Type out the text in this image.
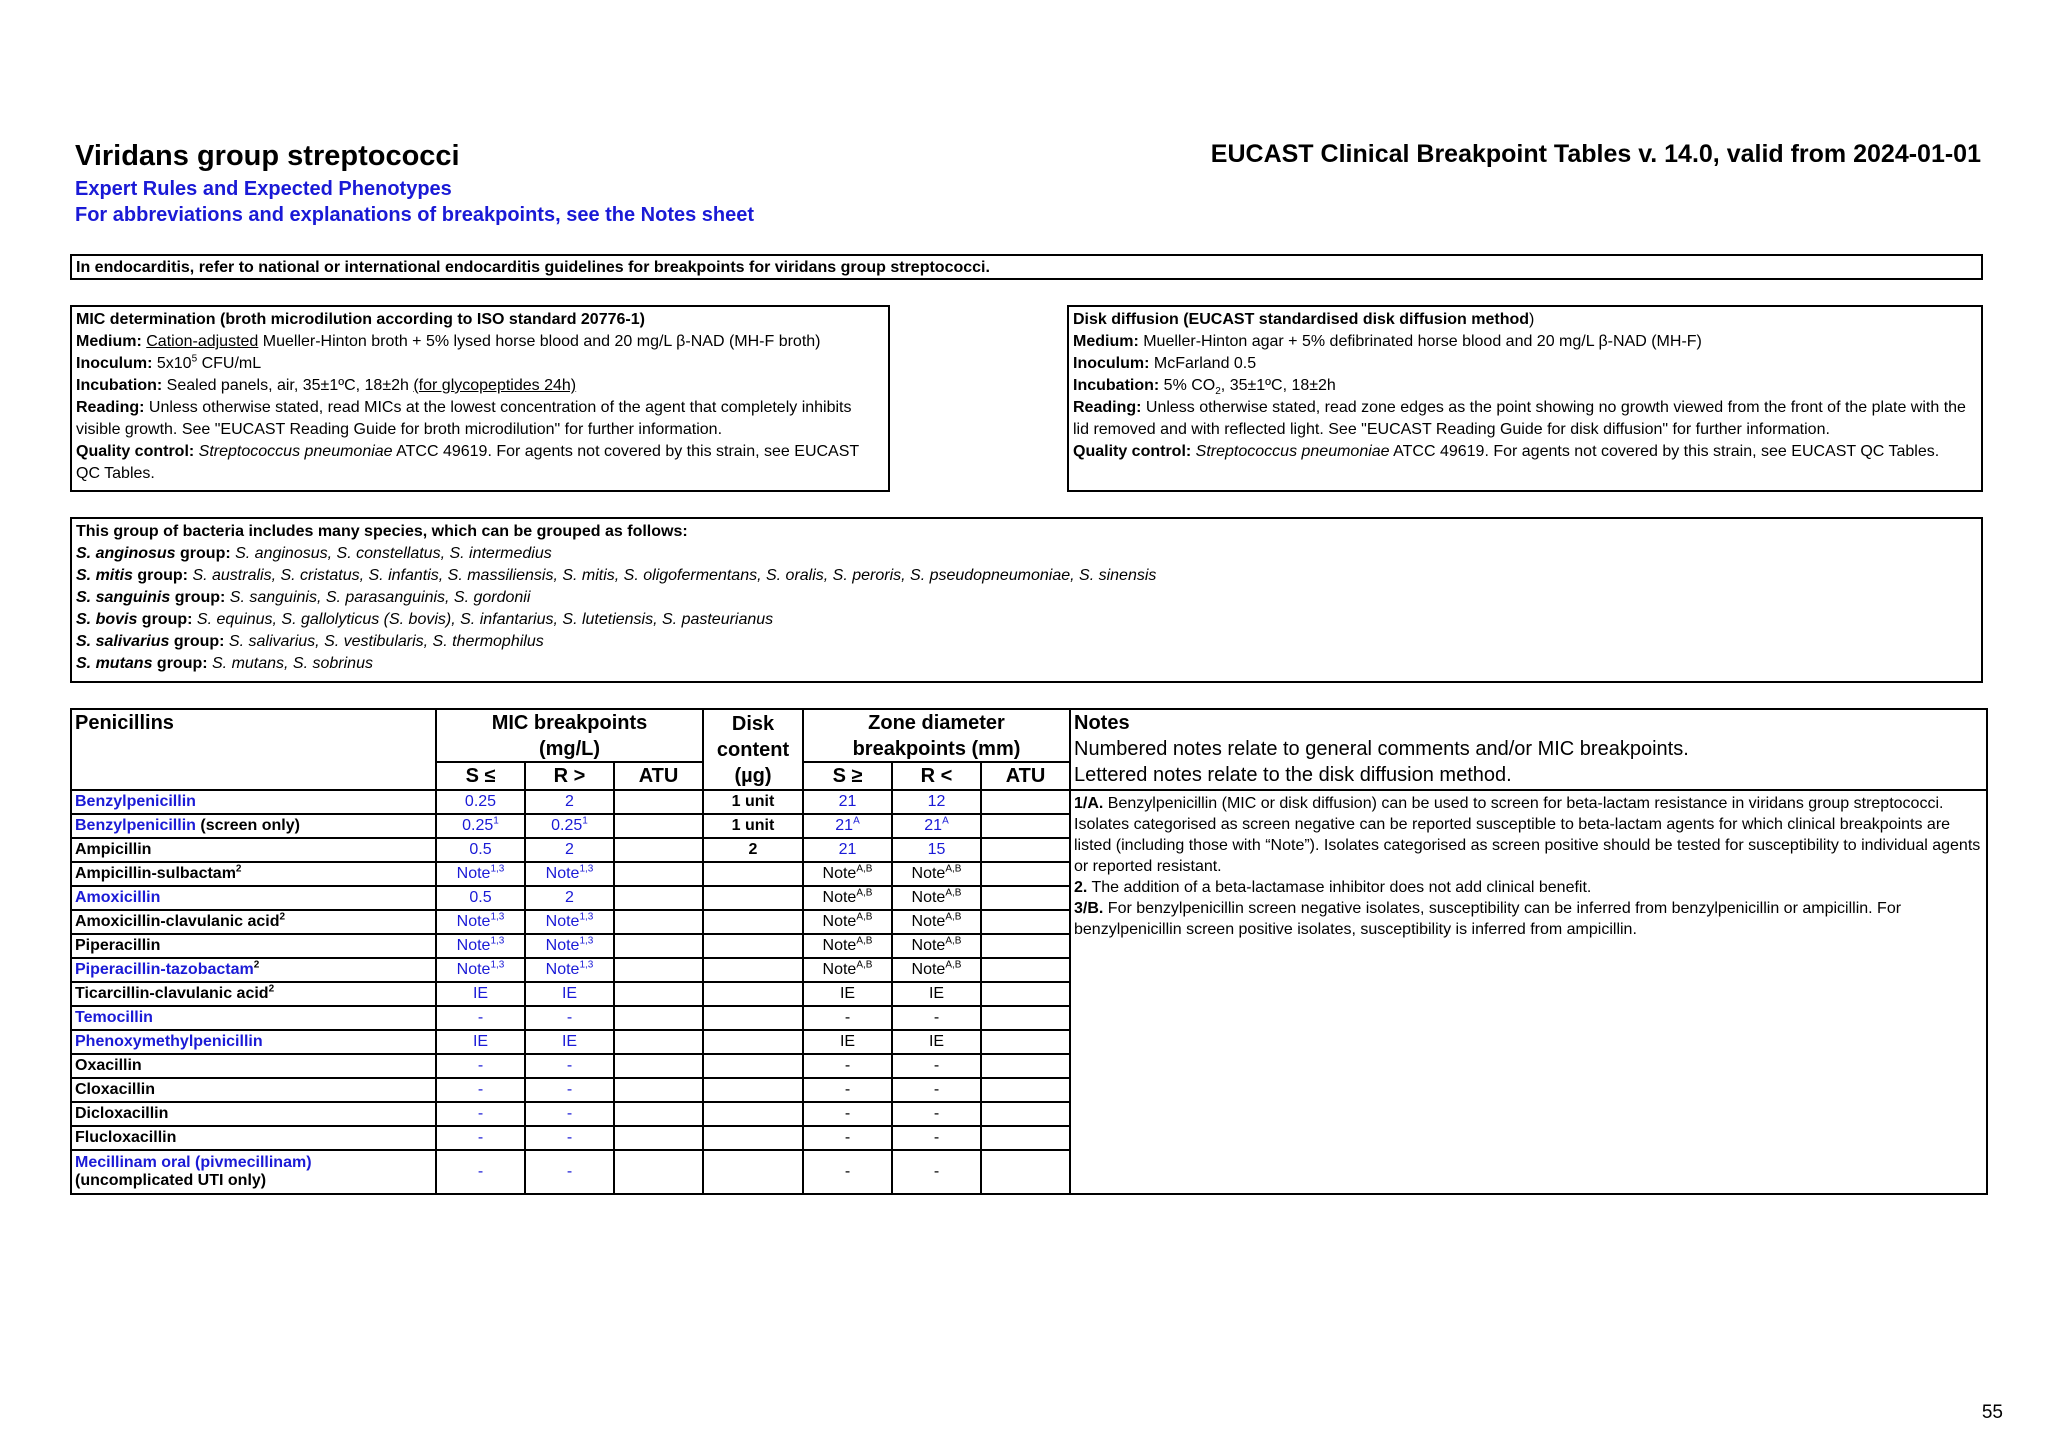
Viridans group streptococci
Expert Rules and Expected Phenotypes
For abbreviations and explanations of breakpoints, see the Notes sheet
EUCAST Clinical Breakpoint Tables v. 14.0, valid from 2024-01-01
In endocarditis, refer to national or international endocarditis guidelines for breakpoints for viridans group streptococci.
MIC determination (broth microdilution according to ISO standard 20776-1)
Medium: Cation-adjusted Mueller-Hinton broth + 5% lysed horse blood and 20 mg/L β-NAD (MH-F broth)
Inoculum: $5x10^5$ CFU/mL
Incubation: Sealed panels, air, 35±1ºC, 18±2h (for glycopeptides 24h)
Reading: Unless otherwise stated, read MICs at the lowest concentration of the agent that completely inhibits visible growth. See "EUCAST Reading Guide for broth microdilution" for further information.
Quality control: Streptococcus pneumoniae ATCC 49619. For agents not covered by this strain, see EUCAST QC Tables.
Disk diffusion (EUCAST standardised disk diffusion method)
Medium: Mueller-Hinton agar + 5% defibrinated horse blood and 20 mg/L β-NAD (MH-F)
Inoculum: McFarland 0.5
Incubation: 5% $CO_2$, 35±1ºC, 18±2h
Reading: Unless otherwise stated, read zone edges as the point showing no growth viewed from the front of the plate with the lid removed and with reflected light. See "EUCAST Reading Guide for disk diffusion" for further information.
Quality control: Streptococcus pneumoniae ATCC 49619. For agents not covered by this strain, see EUCAST QC Tables.
This group of bacteria includes many species, which can be grouped as follows:
S. anginosus group: S. anginosus, S. constellatus, S. intermedius
S. mitis group: S. australis, S. cristatus, S. infantis, S. massiliensis, S. mitis, S. oligofermentans, S. oralis, S. peroris, S. pseudopneumoniae, S. sinensis
S. sanguinis group: S. sanguinis, S. parasanguinis, S. gordonii
S. bovis group: S. equinus, S. gallolyticus (S. bovis), S. infantarius, S. lutetiensis, S. pasteurianus
S. salivarius group: S. salivarius, S. vestibularis, S. thermophilus
S. mutans group: S. mutans, S. sobrinus
Penicillins	MIC breakpoints
(mg/L)			Disk
content
(µg)	Zone diameter
breakpoints (mm)			Notes
Numbered notes relate to general comments and/or MIC breakpoints.
Lettered notes relate to the disk diffusion method.

	S ≤	R >	ATU		S ≥	R <	ATU	
Benzylpenicillin	0.25	2		1 unit	21	12		1/A. Benzylpenicillin (MIC or disk diffusion) can be used to screen for beta-lactam resistance in viridans group streptococci. Isolates categorised as screen negative can be reported susceptible to beta-lactam agents for which clinical breakpoints are listed (including those with “Note”). Isolates categorised as screen positive should be tested for susceptibility to individual agents or reported resistant.
2. The addition of a beta-lactamase inhibitor does not add clinical benefit.
3/B. For benzylpenicillin screen negative isolates, susceptibility can be inferred from benzylpenicillin or ampicillin. For benzylpenicillin screen positive isolates, susceptibility is inferred from ampicillin.

Benzylpenicillin (screen only)	0.25$^1$	0.25$^1$		1 unit	$21^A$	$21^A$	
Ampicillin	0.5	2		2	21	15		
Ampicillin-sulbactam$^2$	Note$^{1,3}$	Note$^{1,3}$			Note$^{A,B}$	Note$^{A,B}$	
Amoxicillin	0.5	2			Note$^{A,B}$	Note$^{A,B}$	
Amoxicillin-clavulanic acid$^2$	Note$^{1,3}$	Note$^{1,3}$			Note$^{A,B}$	Note$^{A,B}$	
Piperacillin	Note$^{1,3}$	Note$^{1,3}$			Note$^{A,B}$	Note$^{A,B}$	
Piperacillin-tazobactam$^2$	Note$^{1,3}$	Note$^{1,3}$			Note$^{A,B}$	Note$^{A,B}$	
Ticarcillin-clavulanic acid$^2$	IE	IE			IE	IE		
Temocillin	-	-			-	-		
Phenoxymethylpenicillin	IE	IE			IE	IE		
Oxacillin	-	-			-	-		
Cloxacillin	-	-			-	-		
Dicloxacillin	-	-			-	-		
Flucloxacillin	-	-			-	-		
Mecillinam oral (pivmecillinam)
(uncomplicated UTI only)	-	-			-	-		
55
